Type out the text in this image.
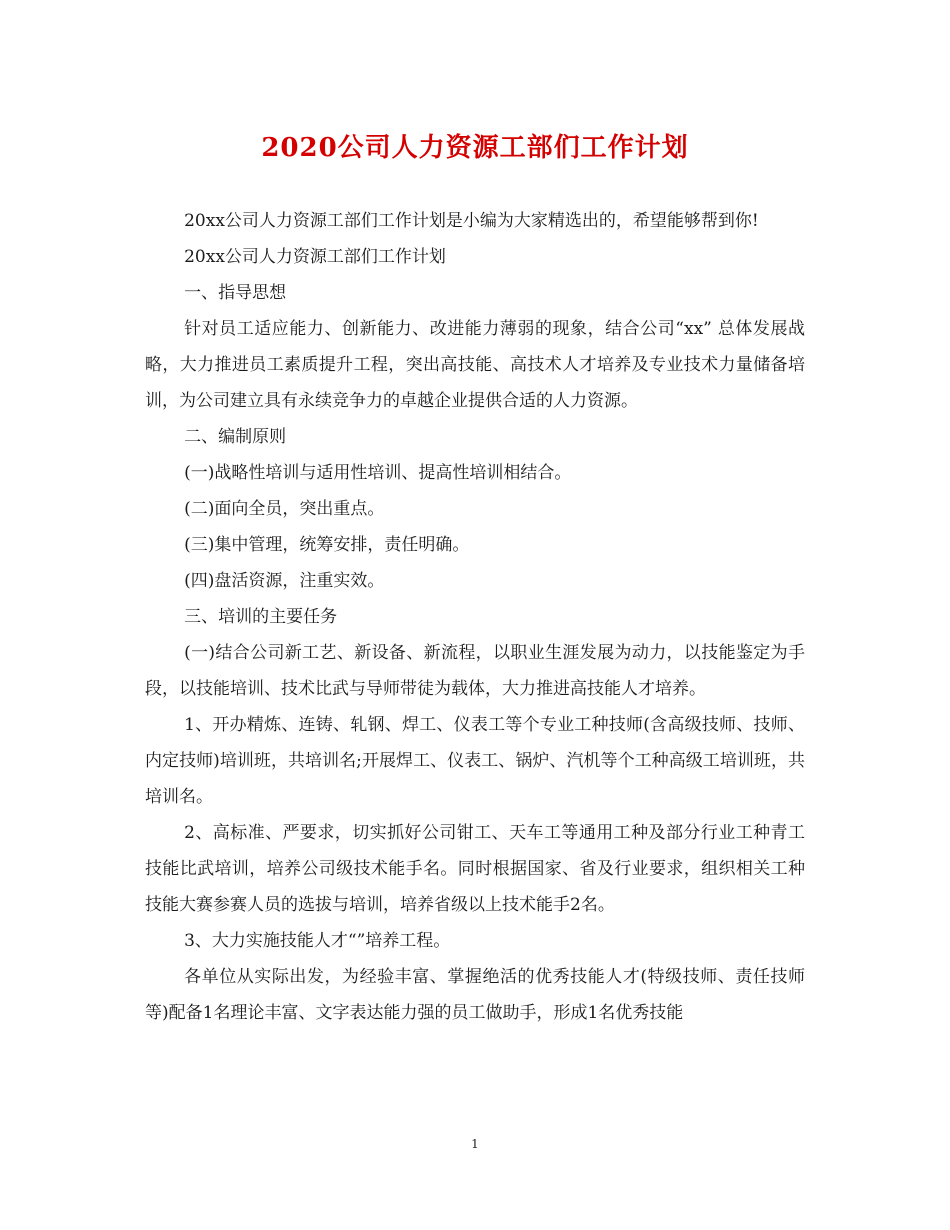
2020公司人力资源工部们工作计划

20xx公司人力资源工部们工作计划是小编为大家精选出的，希望能够帮到你!

20xx公司人力资源工部们工作计划

一、指导思想

针对员工适应能力、创新能力、改进能力薄弱的现象，结合公司“xx” 总体发展战略，大力推进员工素质提升工程，突出高技能、高技术人才培养及专业技术力量储备培训，为公司建立具有永续竞争力的卓越企业提供合适的人力资源。

二、编制原则

(一)战略性培训与适用性培训、提高性培训相结合。

(二)面向全员，突出重点。

(三)集中管理，统筹安排，责任明确。

(四)盘活资源，注重实效。

三、培训的主要任务

(一)结合公司新工艺、新设备、新流程，以职业生涯发展为动力，以技能鉴定为手段，以技能培训、技术比武与导师带徒为载体，大力推进高技能人才培养。

1、开办精炼、连铸、轧钢、焊工、仪表工等个专业工种技师(含高级技师、技师、内定技师)培训班，共培训名;开展焊工、仪表工、锅炉、汽机等个工种高级工培训班，共培训名。

2、高标准、严要求，切实抓好公司钳工、天车工等通用工种及部分行业工种青工技能比武培训，培养公司级技术能手名。同时根据国家、省及行业要求，组织相关工种技能大赛参赛人员的选拔与培训，培养省级以上技术能手2名。

3、大力实施技能人才“”培养工程。

各单位从实际出发，为经验丰富、掌握绝活的优秀技能人才(特级技师、责任技师等)配备1名理论丰富、文字表达能力强的员工做助手，形成1名优秀技能

1
